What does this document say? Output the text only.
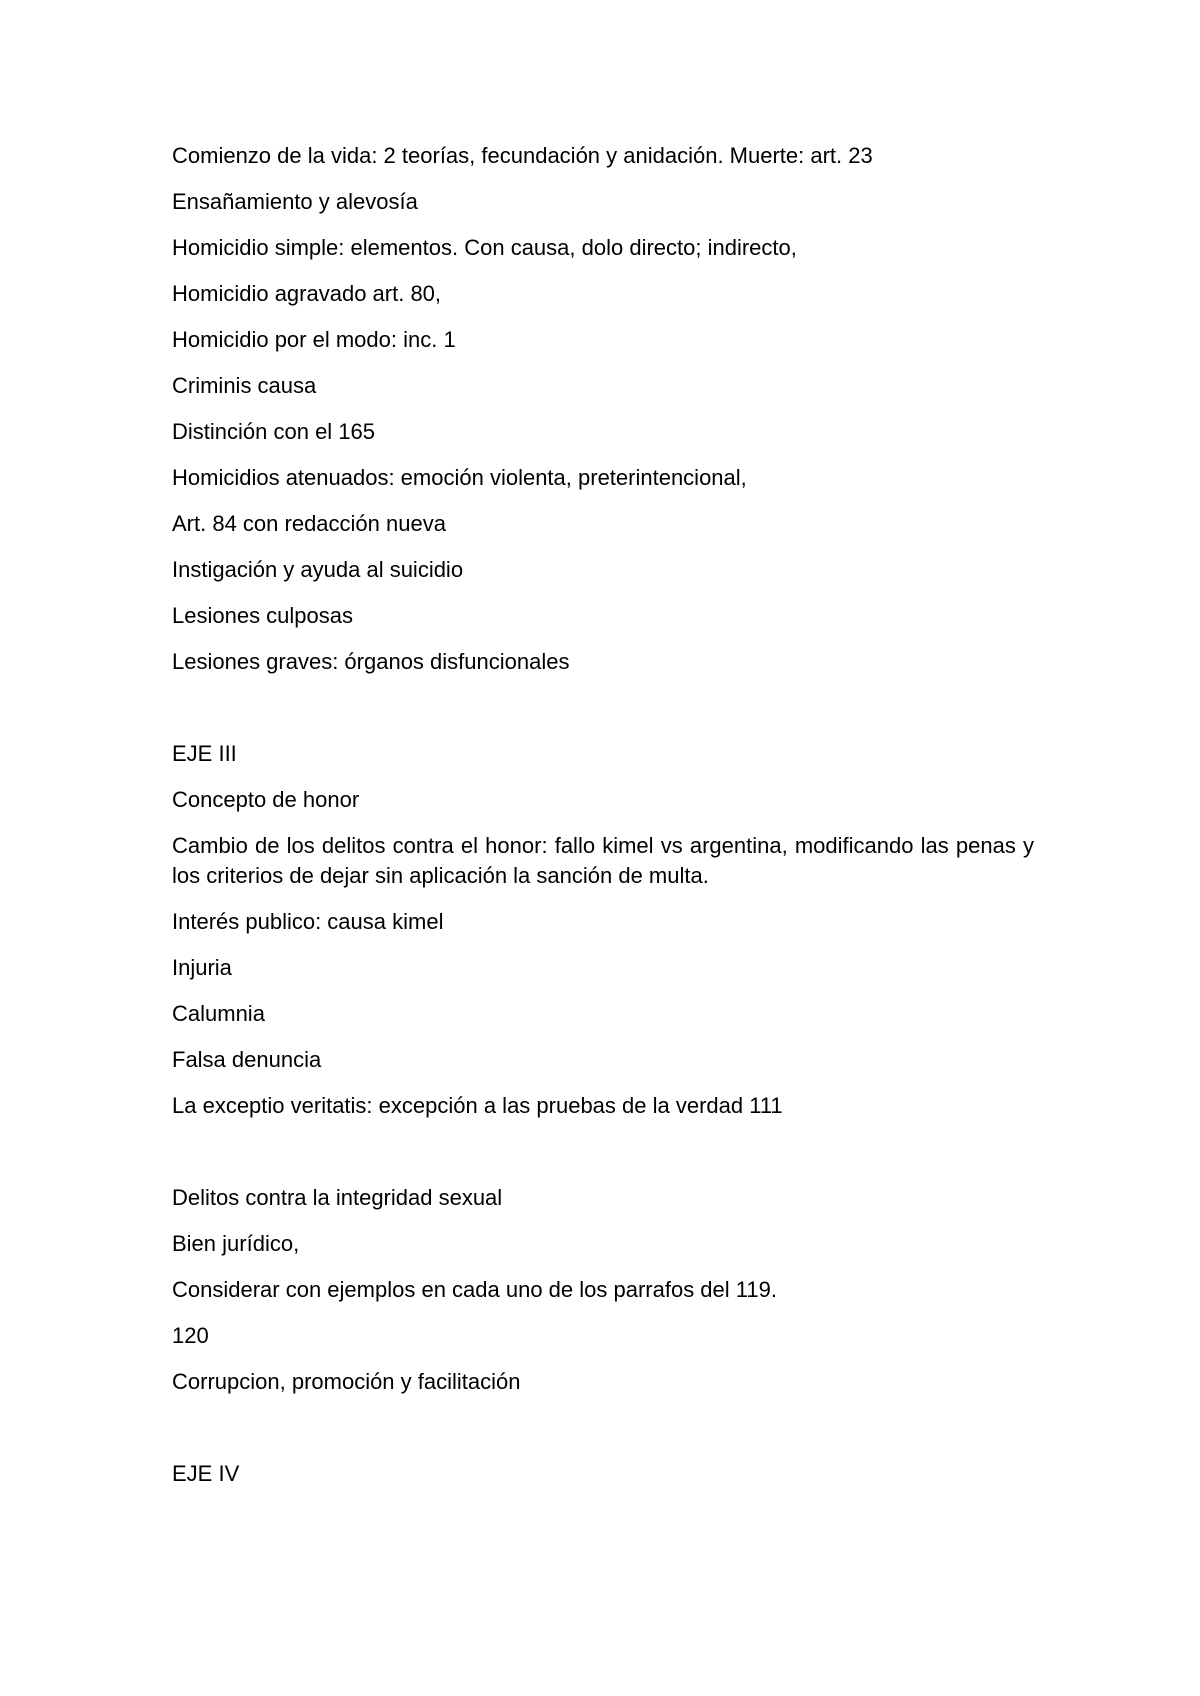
Comienzo de la vida: 2 teorías, fecundación y anidación. Muerte: art. 23
Ensañamiento y alevosía
Homicidio simple: elementos. Con causa, dolo directo; indirecto,
Homicidio agravado art. 80,
Homicidio por el modo: inc. 1
Criminis causa
Distinción con el 165
Homicidios atenuados: emoción violenta, preterintencional,
Art. 84 con redacción nueva
Instigación y ayuda al suicidio
Lesiones culposas
Lesiones graves: órganos disfuncionales
EJE III
Concepto de honor
Cambio de los delitos contra el honor: fallo kimel vs argentina, modificando las penas y los criterios de dejar sin aplicación la sanción de multa.
Interés publico: causa kimel
Injuria
Calumnia
Falsa denuncia
La exceptio veritatis: excepción a las pruebas de la verdad 111
Delitos contra la integridad sexual
Bien jurídico,
Considerar con ejemplos en cada uno de los parrafos del 119.
120
Corrupcion, promoción y facilitación
EJE IV
